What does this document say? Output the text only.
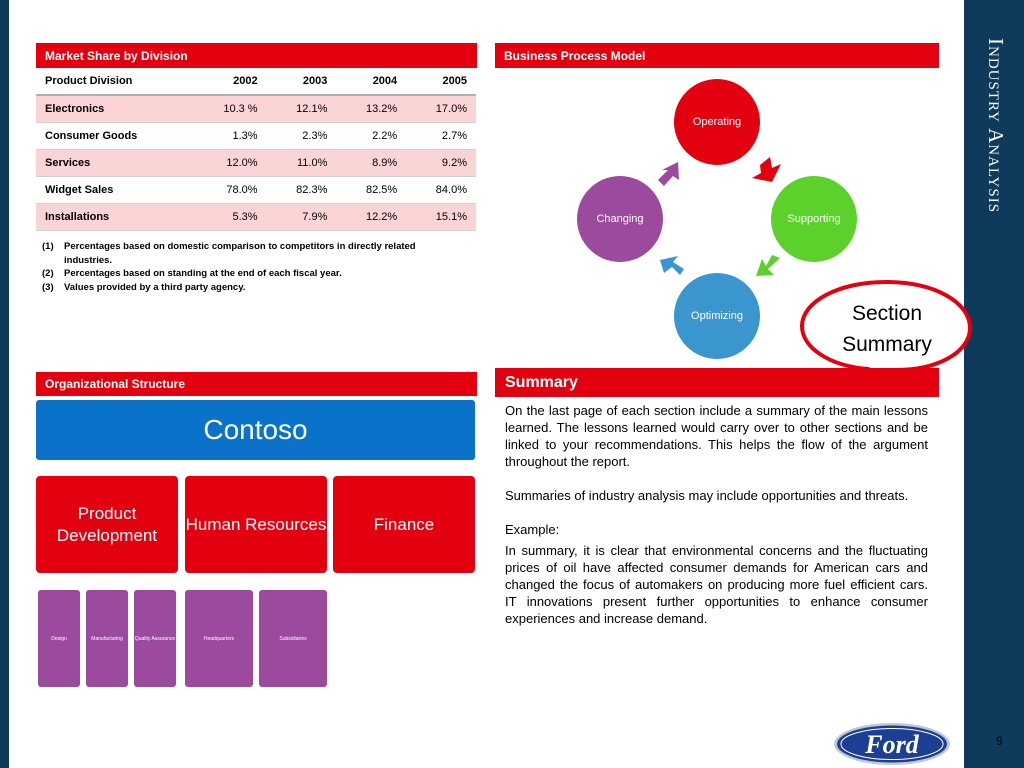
Industry Analysis
9
Market Share by Division
Product Division	2002	2003	2004	2005
Electronics	10.3 %	12.1%	13.2%	17.0%
Consumer Goods	1.3%	2.3%	2.2%	2.7%
Services	12.0%	11.0%	8.9%	9.2%
Widget Sales	78.0%	82.3%	82.5%	84.0%
Installations	5.3%	7.9%	12.2%	15.1%
(1)	Percentages based on domestic comparison to competitors in directly related industries.
(2)	Percentages based on standing at the end of each fiscal year.
(3)	Values provided by a third party agency.
Business Process Model
Operating
Supporting
Optimizing
Changing
Section
Summary
Organizational Structure
Contoso
Product Development
Human Resources	Finance
Design	Manufacturing	Quality Assurance	Headquarters	Subsidiaries
Summary

On the last page of each section include a summary of the main lessons learned. The lessons learned would carry over to other sections and be linked to your recommendations. This helps the flow of the argument throughout the report.

Summaries of industry analysis may include opportunities and threats.

Example:

In summary, it is clear that environmental concerns and the fluctuating prices of oil have affected consumer demands for American cars and changed the focus of automakers on producing more fuel efficient cars. IT innovations present further opportunities to enhance consumer experiences and increase demand.

Ford
